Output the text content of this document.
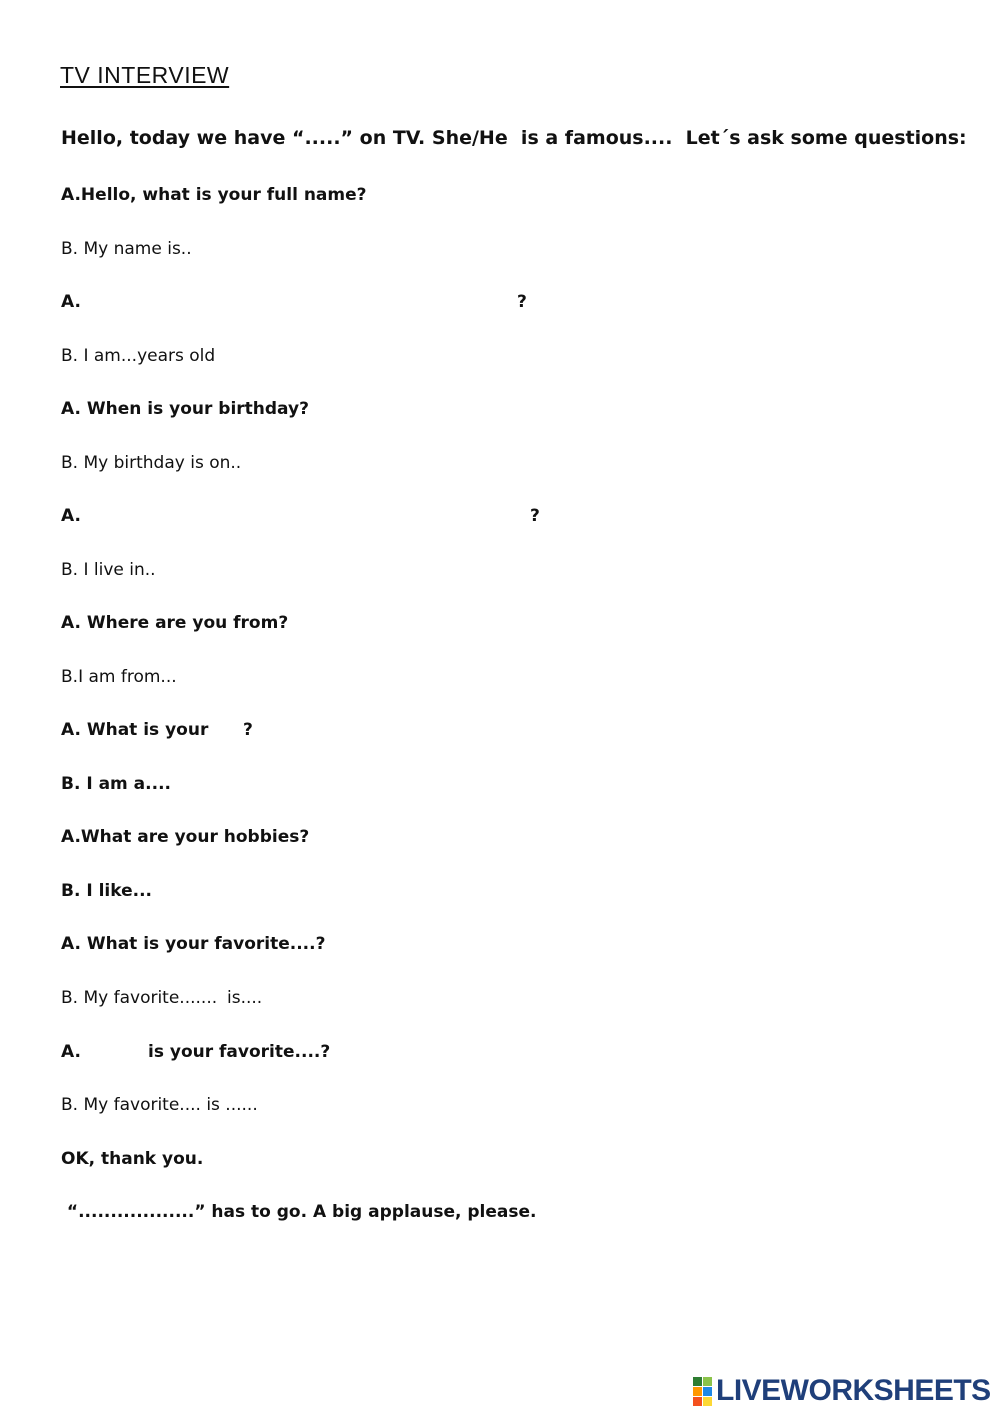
TV INTERVIEW

Hello, today we have “.....” on TV. She/He  is a famous....  Let´s ask some questions:

A.Hello, what is your full name?

B. My name is..

A.	?

B. I am...years old

A. When is your birthday?

B. My birthday is on..

A.	?

B. I live in..

A. Where are you from?

B.I am from...

A. What is your ?

B. I am a....

A.What are your hobbies?

B. I like...

A. What is your favorite....?

B. My favorite....... is....

A.	is your favorite....?

B. My favorite.... is ......

OK, thank you.

“..................” has to go. A big applause, please.

LIVEWORKSHEETS
